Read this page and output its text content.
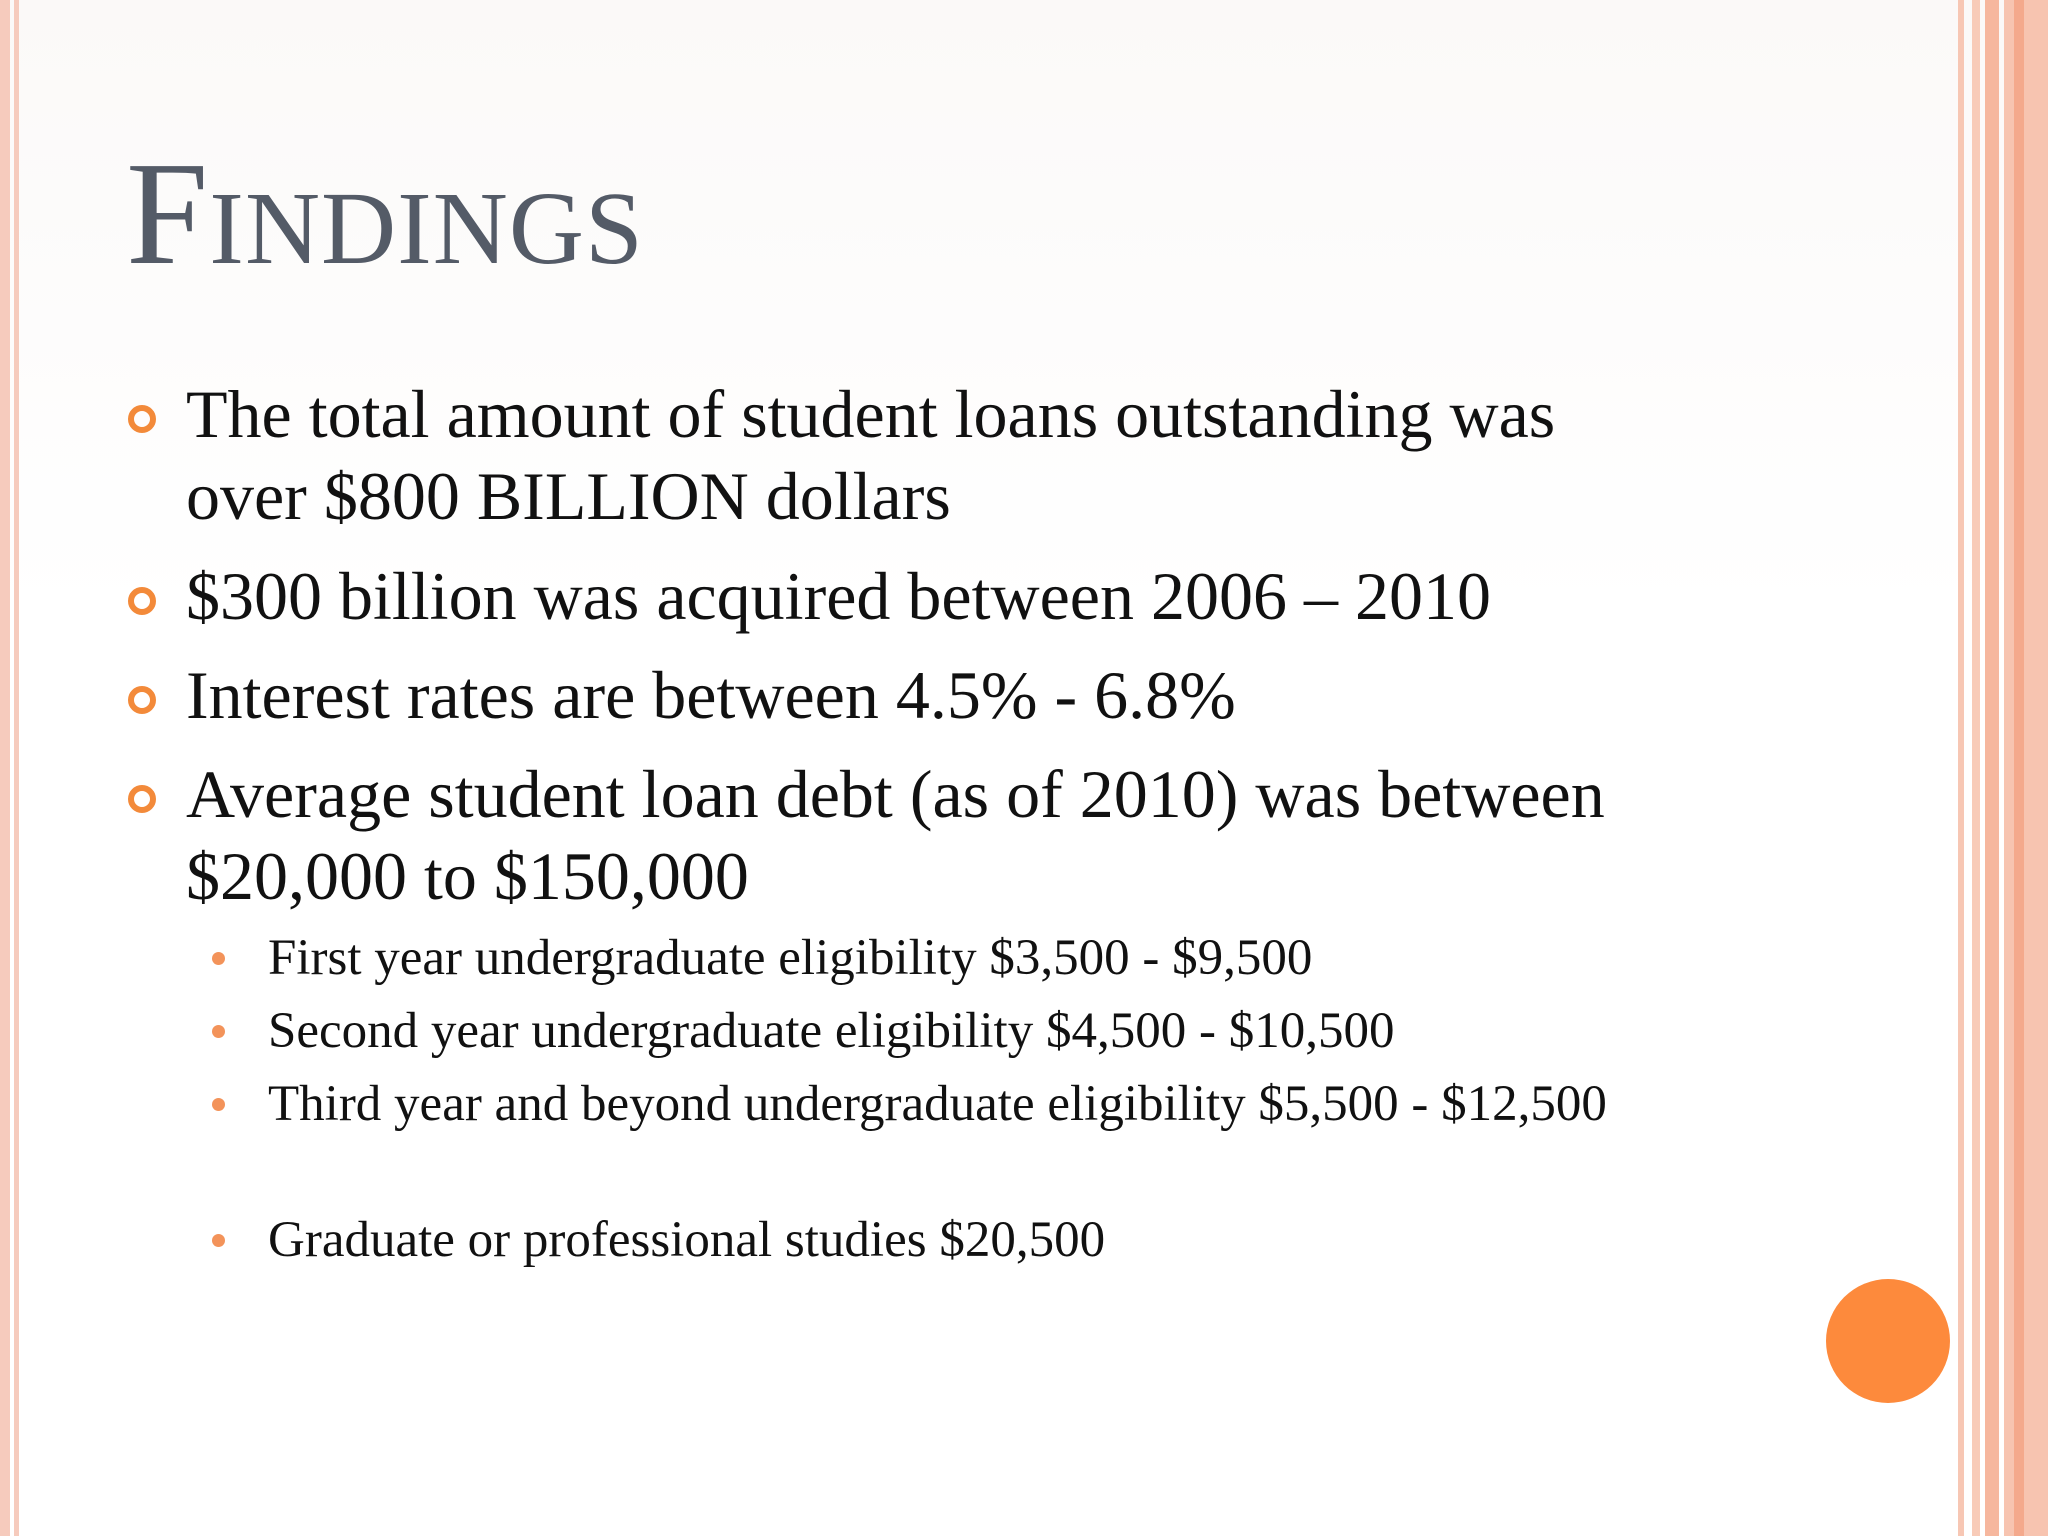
Findings
The total amount of student loans outstanding was over $800 BILLION dollars
$300 billion was acquired between 2006 – 2010
Interest rates are between 4.5% - 6.8%
Average student loan debt (as of 2010) was between $20,000 to $150,000
First year undergraduate eligibility $3,500 - $9,500
Second year undergraduate eligibility $4,500 - $10,500
Third year and beyond undergraduate eligibility $5,500 - $12,500
Graduate or professional studies $20,500
